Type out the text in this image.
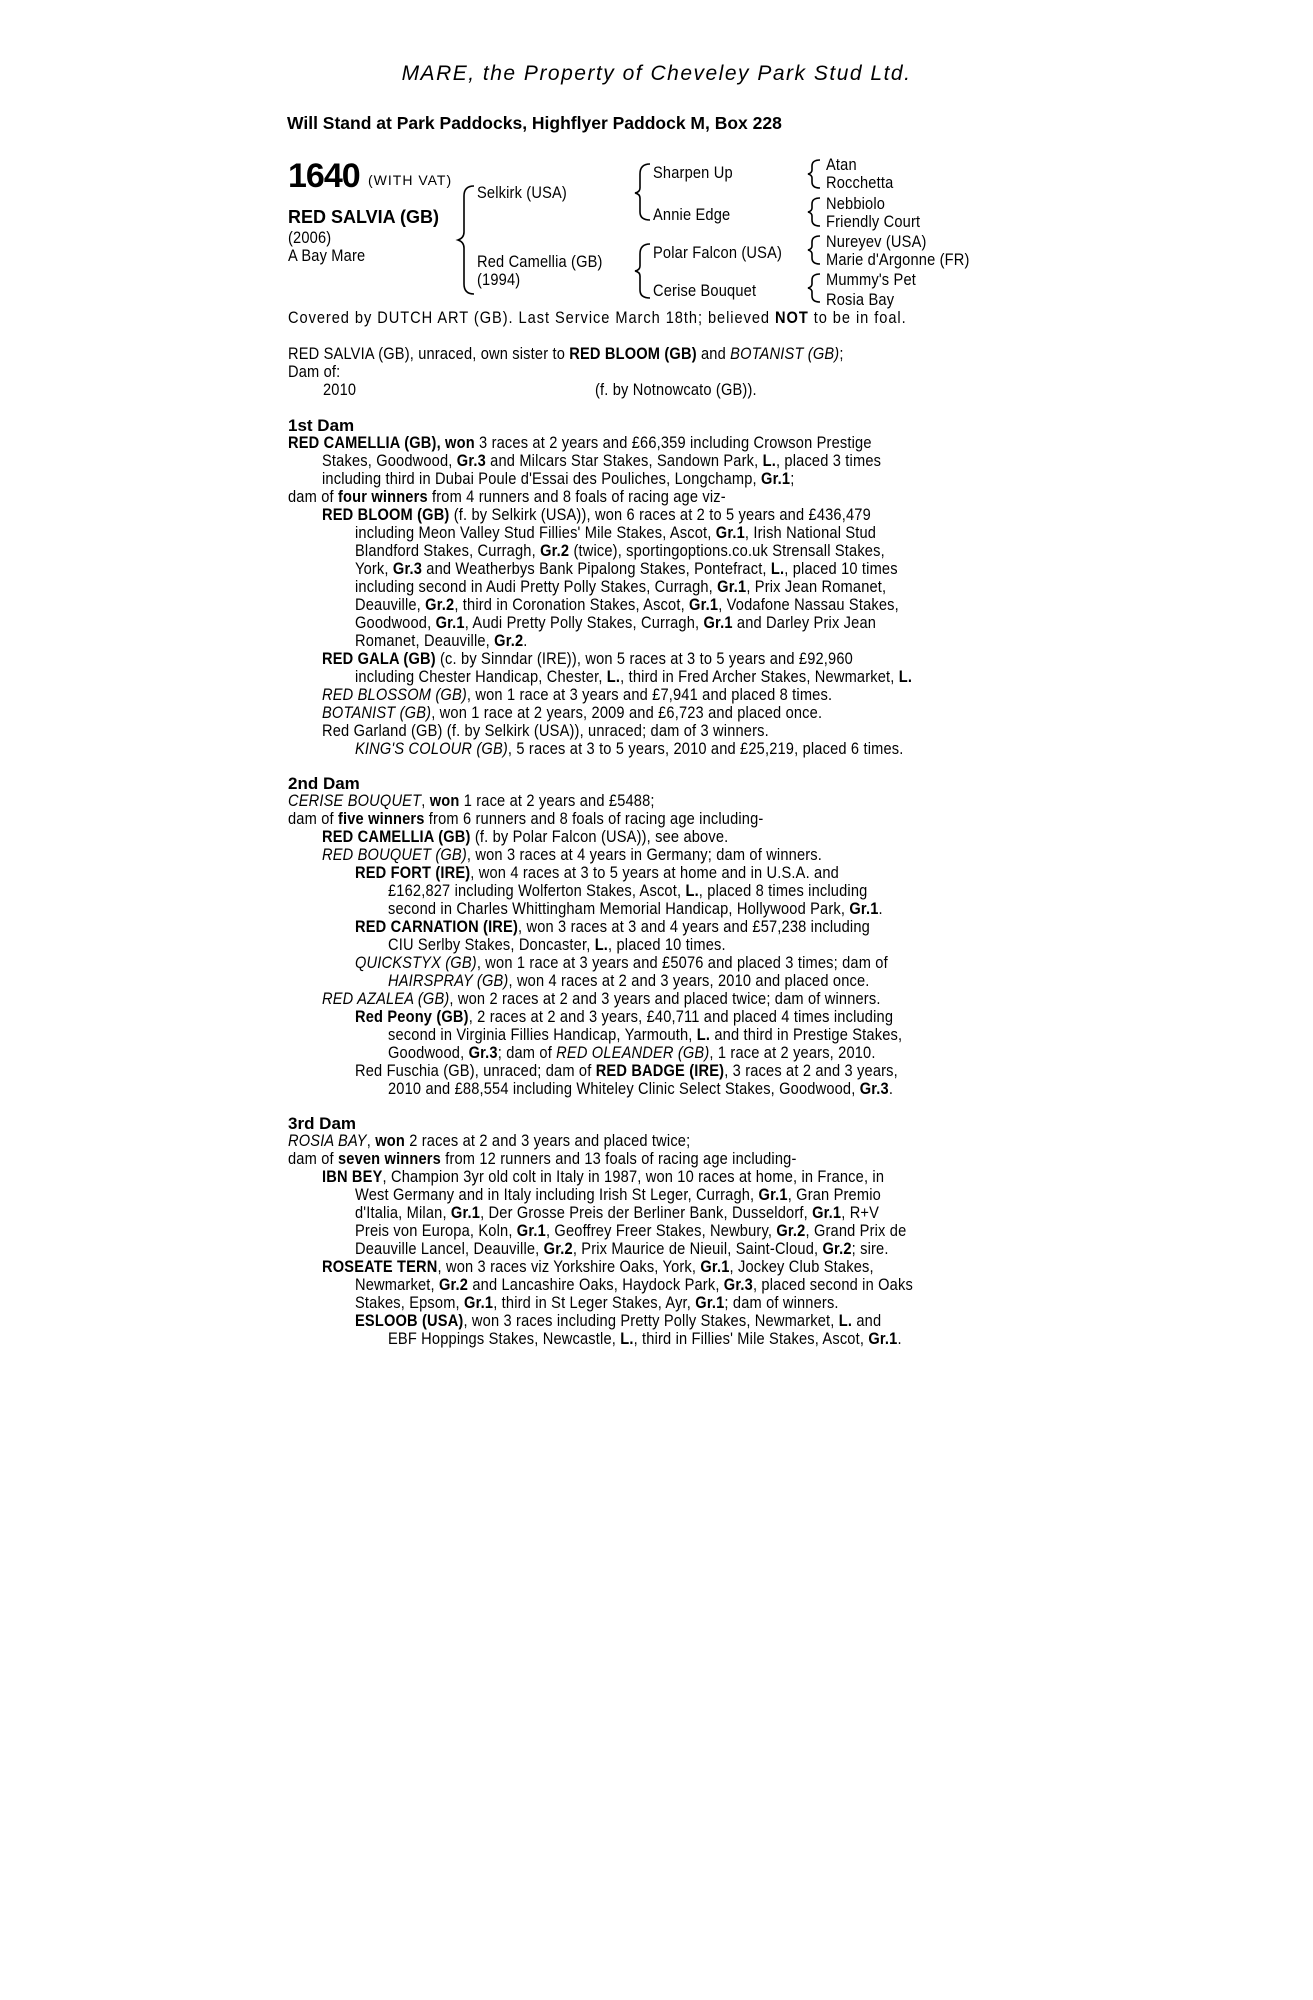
MARE, the Property of Cheveley Park Stud Ltd.
Will Stand at Park Paddocks, Highflyer Paddock M, Box 228
1640 (WITH VAT)
RED SALVIA (GB)
(2006)
A Bay Mare
Selkirk (USA)
Red Camellia (GB)
(1994)
Sharpen Up
Annie Edge
Polar Falcon (USA)
Cerise Bouquet
Atan
Rocchetta
Nebbiolo
Friendly Court
Nureyev (USA)
Marie d'Argonne (FR)
Mummy's Pet
Rosia Bay
Covered by DUTCH ART (GB). Last Service March 18th; believed NOT to be in foal.
RED SALVIA (GB), unraced, own sister to RED BLOOM (GB) and BOTANIST (GB);
Dam of:
2010	(f. by Notnowcato (GB)).
1st Dam
RED CAMELLIA (GB), won 3 races at 2 years and £66,359 including Crowson Prestige
Stakes, Goodwood, Gr.3 and Milcars Star Stakes, Sandown Park, L., placed 3 times
including third in Dubai Poule d'Essai des Pouliches, Longchamp, Gr.1;
dam of four winners from 4 runners and 8 foals of racing age viz-
RED BLOOM (GB) (f. by Selkirk (USA)), won 6 races at 2 to 5 years and £436,479
including Meon Valley Stud Fillies' Mile Stakes, Ascot, Gr.1, Irish National Stud
Blandford Stakes, Curragh, Gr.2 (twice), sportingoptions.co.uk Strensall Stakes,
York, Gr.3 and Weatherbys Bank Pipalong Stakes, Pontefract, L., placed 10 times
including second in Audi Pretty Polly Stakes, Curragh, Gr.1, Prix Jean Romanet,
Deauville, Gr.2, third in Coronation Stakes, Ascot, Gr.1, Vodafone Nassau Stakes,
Goodwood, Gr.1, Audi Pretty Polly Stakes, Curragh, Gr.1 and Darley Prix Jean
Romanet, Deauville, Gr.2.
RED GALA (GB) (c. by Sinndar (IRE)), won 5 races at 3 to 5 years and £92,960
including Chester Handicap, Chester, L., third in Fred Archer Stakes, Newmarket, L.
RED BLOSSOM (GB), won 1 race at 3 years and £7,941 and placed 8 times.
BOTANIST (GB), won 1 race at 2 years, 2009 and £6,723 and placed once.
Red Garland (GB) (f. by Selkirk (USA)), unraced; dam of 3 winners.
KING'S COLOUR (GB), 5 races at 3 to 5 years, 2010 and £25,219, placed 6 times.
2nd Dam
CERISE BOUQUET, won 1 race at 2 years and £5488;
dam of five winners from 6 runners and 8 foals of racing age including-
RED CAMELLIA (GB) (f. by Polar Falcon (USA)), see above.
RED BOUQUET (GB), won 3 races at 4 years in Germany; dam of winners.
RED FORT (IRE), won 4 races at 3 to 5 years at home and in U.S.A. and
£162,827 including Wolferton Stakes, Ascot, L., placed 8 times including
second in Charles Whittingham Memorial Handicap, Hollywood Park, Gr.1.
RED CARNATION (IRE), won 3 races at 3 and 4 years and £57,238 including
CIU Serlby Stakes, Doncaster, L., placed 10 times.
QUICKSTYX (GB), won 1 race at 3 years and £5076 and placed 3 times; dam of
HAIRSPRAY (GB), won 4 races at 2 and 3 years, 2010 and placed once.
RED AZALEA (GB), won 2 races at 2 and 3 years and placed twice; dam of winners.
Red Peony (GB), 2 races at 2 and 3 years, £40,711 and placed 4 times including
second in Virginia Fillies Handicap, Yarmouth, L. and third in Prestige Stakes,
Goodwood, Gr.3; dam of RED OLEANDER (GB), 1 race at 2 years, 2010.
Red Fuschia (GB), unraced; dam of RED BADGE (IRE), 3 races at 2 and 3 years,
2010 and £88,554 including Whiteley Clinic Select Stakes, Goodwood, Gr.3.
3rd Dam
ROSIA BAY, won 2 races at 2 and 3 years and placed twice;
dam of seven winners from 12 runners and 13 foals of racing age including-
IBN BEY, Champion 3yr old colt in Italy in 1987, won 10 races at home, in France, in
West Germany and in Italy including Irish St Leger, Curragh, Gr.1, Gran Premio
d'Italia, Milan, Gr.1, Der Grosse Preis der Berliner Bank, Dusseldorf, Gr.1, R+V
Preis von Europa, Koln, Gr.1, Geoffrey Freer Stakes, Newbury, Gr.2, Grand Prix de
Deauville Lancel, Deauville, Gr.2, Prix Maurice de Nieuil, Saint-Cloud, Gr.2; sire.
ROSEATE TERN, won 3 races viz Yorkshire Oaks, York, Gr.1, Jockey Club Stakes,
Newmarket, Gr.2 and Lancashire Oaks, Haydock Park, Gr.3, placed second in Oaks
Stakes, Epsom, Gr.1, third in St Leger Stakes, Ayr, Gr.1; dam of winners.
ESLOOB (USA), won 3 races including Pretty Polly Stakes, Newmarket, L. and
EBF Hoppings Stakes, Newcastle, L., third in Fillies' Mile Stakes, Ascot, Gr.1.
